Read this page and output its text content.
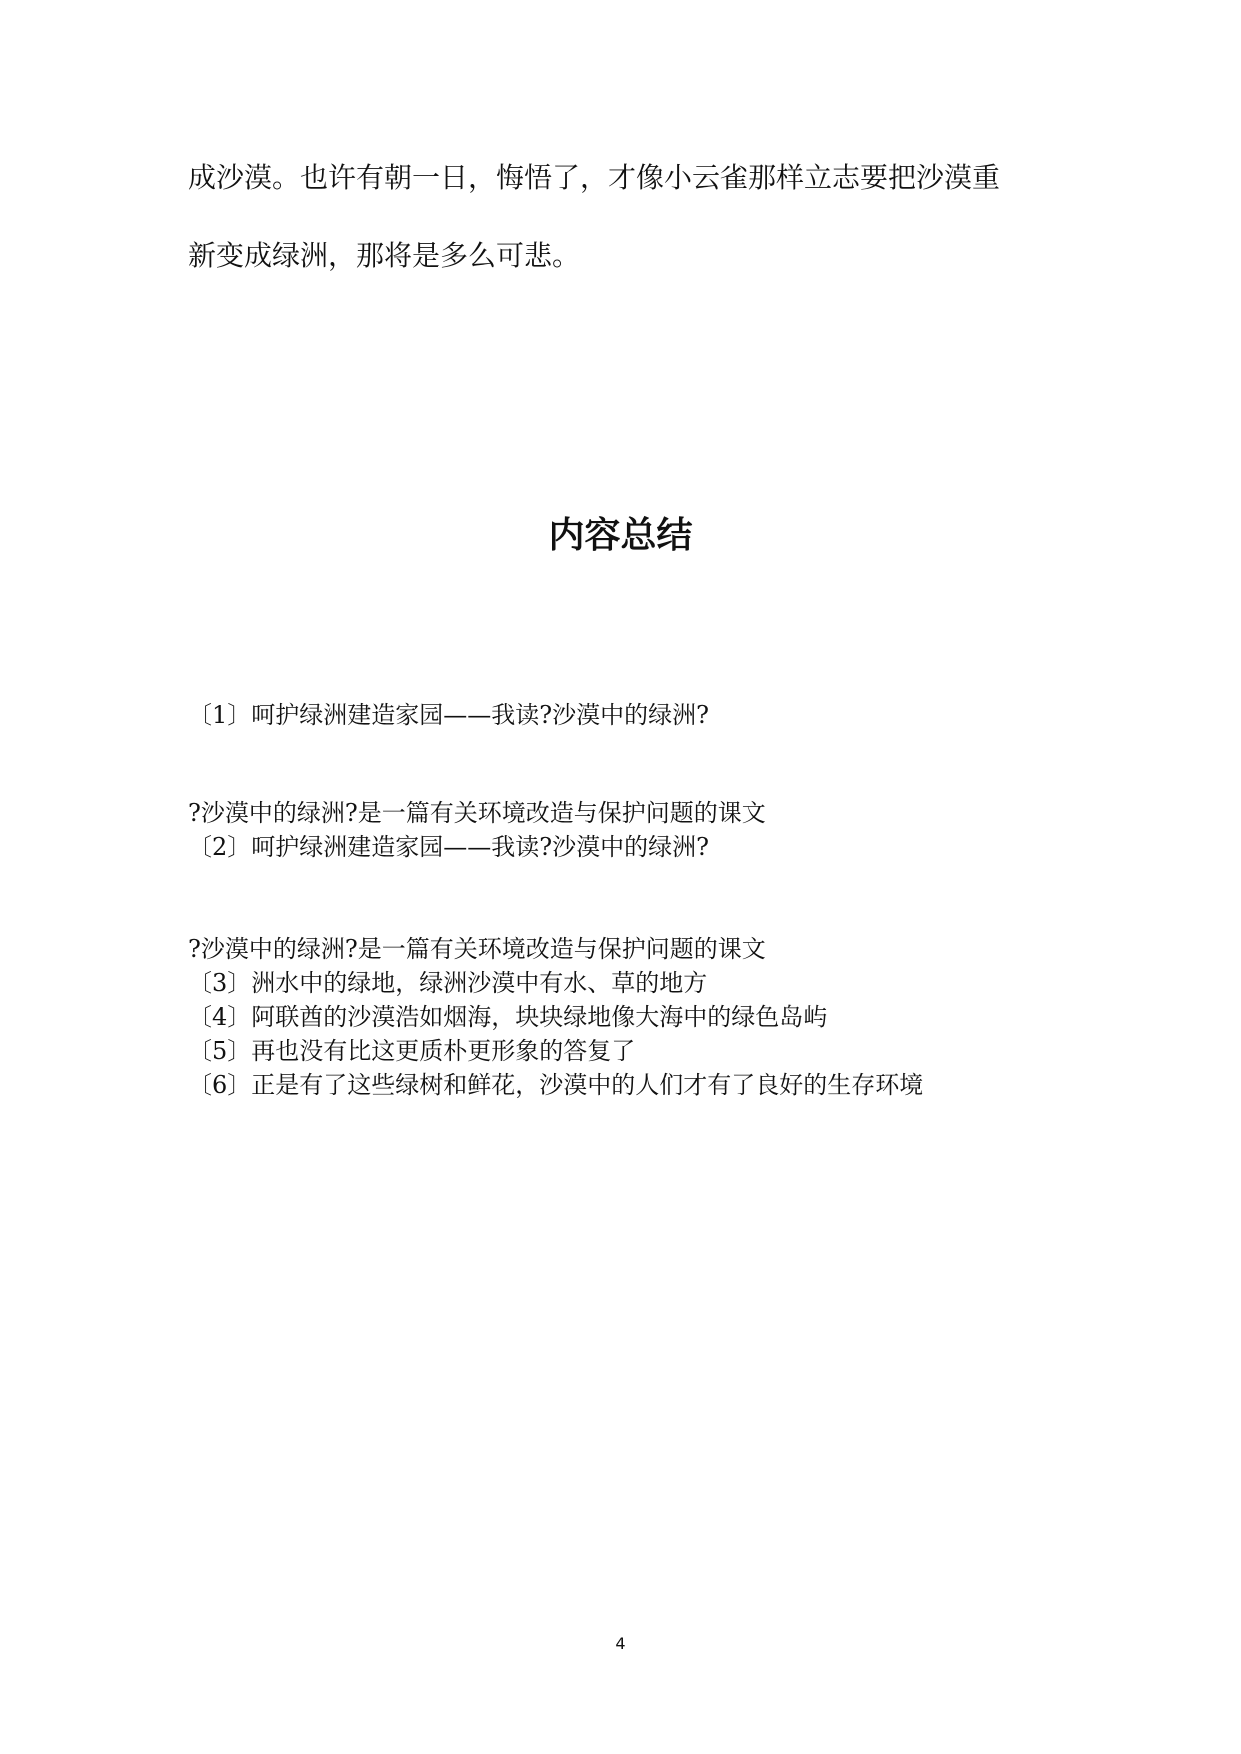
成沙漠。也许有朝一日，悔悟了，才像小云雀那样立志要把沙漠重
新变成绿洲，那将是多么可悲。
内容总结
〔1〕呵护绿洲建造家园——我读?沙漠中的绿洲?
?沙漠中的绿洲?是一篇有关环境改造与保护问题的课文
〔2〕呵护绿洲建造家园——我读?沙漠中的绿洲?
?沙漠中的绿洲?是一篇有关环境改造与保护问题的课文
〔3〕洲水中的绿地，绿洲沙漠中有水、草的地方
〔4〕阿联酋的沙漠浩如烟海，块块绿地像大海中的绿色岛屿
〔5〕再也没有比这更质朴更形象的答复了
〔6〕正是有了这些绿树和鲜花，沙漠中的人们才有了良好的生存环境
4
